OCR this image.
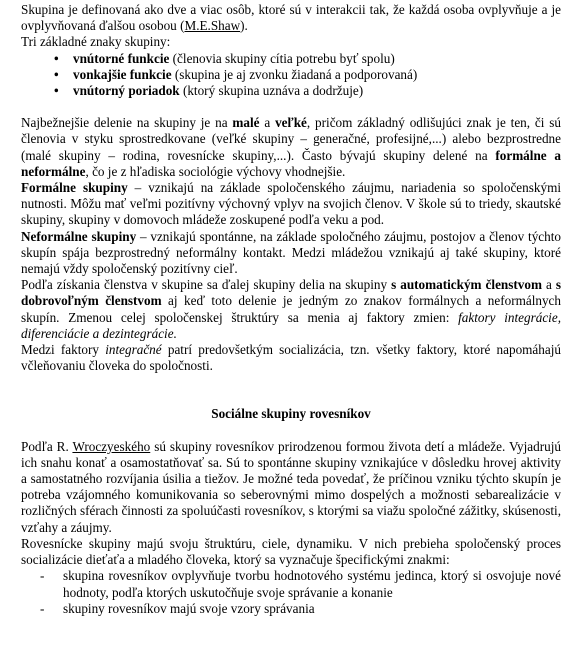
Skupina je definovaná ako dve a viac osôb, ktoré sú v interakcii tak, že každá osoba ovplyvňuje a je ovplyvňovaná ďalšou osobou (M.E.Shaw).

Tri základné znaky skupiny:

• vnútorné funkcie (členovia skupiny cítia potrebu byť spolu)
• vonkajšie funkcie (skupina je aj zvonku žiadaná a podporovaná)
• vnútorný poriadok (ktorý skupina uznáva a dodržuje)

Najbežnejšie delenie na skupiny je na malé a veľké, pričom základný odlišujúci znak je ten, či sú členovia v styku sprostredkovane (veľké skupiny – generačné, profesijné,...) alebo bezprostredne (malé skupiny – rodina, rovesnícke skupiny,...). Často bývajú skupiny delené na formálne a neformálne, čo je z hľadiska sociológie výchovy vhodnejšie.

Formálne skupiny – vznikajú na základe spoločenského záujmu, nariadenia so spoločenskými nutnosti. Môžu mať veľmi pozitívny výchovný vplyv na svojich členov. V škole sú to triedy, skautské skupiny, skupiny v domovoch mládeže zoskupené podľa veku a pod.

Neformálne skupiny – vznikajú spontánne, na základe spoločného záujmu, postojov a členov týchto skupín spája bezprostredný neformálny kontakt. Medzi mládežou vznikajú aj také skupiny, ktoré nemajú vždy spoločenský pozitívny cieľ.

Podľa získania členstva v skupine sa ďalej skupiny delia na skupiny s automatickým členstvom a s dobrovoľným členstvom aj keď toto delenie je jedným zo znakov formálnych a neformálnych skupín. Zmenou celej spoločenskej štruktúry sa menia aj faktory zmien: faktory integrácie, diferenciácie a dezintegrácie.

Medzi faktory integračné patrí predovšetkým socializácia, tzn. všetky faktory, ktoré napomáhajú včleňovaniu človeka do spoločnosti.

Sociálne skupiny rovesníkov

Podľa R. Wroczyeského sú skupiny rovesníkov prirodzenou formou života detí a mládeže. Vyjadrujú ich snahu konať a osamostatňovať sa. Sú to spontánne skupiny vznikajúce v dôsledku hrovej aktivity a samostatného rozvíjania úsilia a tiežov. Je možné teda povedať, že príčinou vzniku týchto skupín je potreba vzájomného komunikovania so seberovnými mimo dospelých a možnosti sebarealizácie v rozličných sférach činnosti za spoluúčasti rovesníkov, s ktorými sa viažu spoločné zážitky, skúsenosti, vzťahy a záujmy.

Rovesnícke skupiny majú svoju štruktúru, ciele, dynamiku. V nich prebieha spoločenský proces socializácie dieťaťa a mladého človeka, ktorý sa vyznačuje špecifickými znakmi:

- skupina rovesníkov ovplyvňuje tvorbu hodnotového systému jedinca, ktorý si osvojuje nové hodnoty, podľa ktorých uskutočňuje svoje správanie a konanie
- skupiny rovesníkov majú svoje vzory správania
